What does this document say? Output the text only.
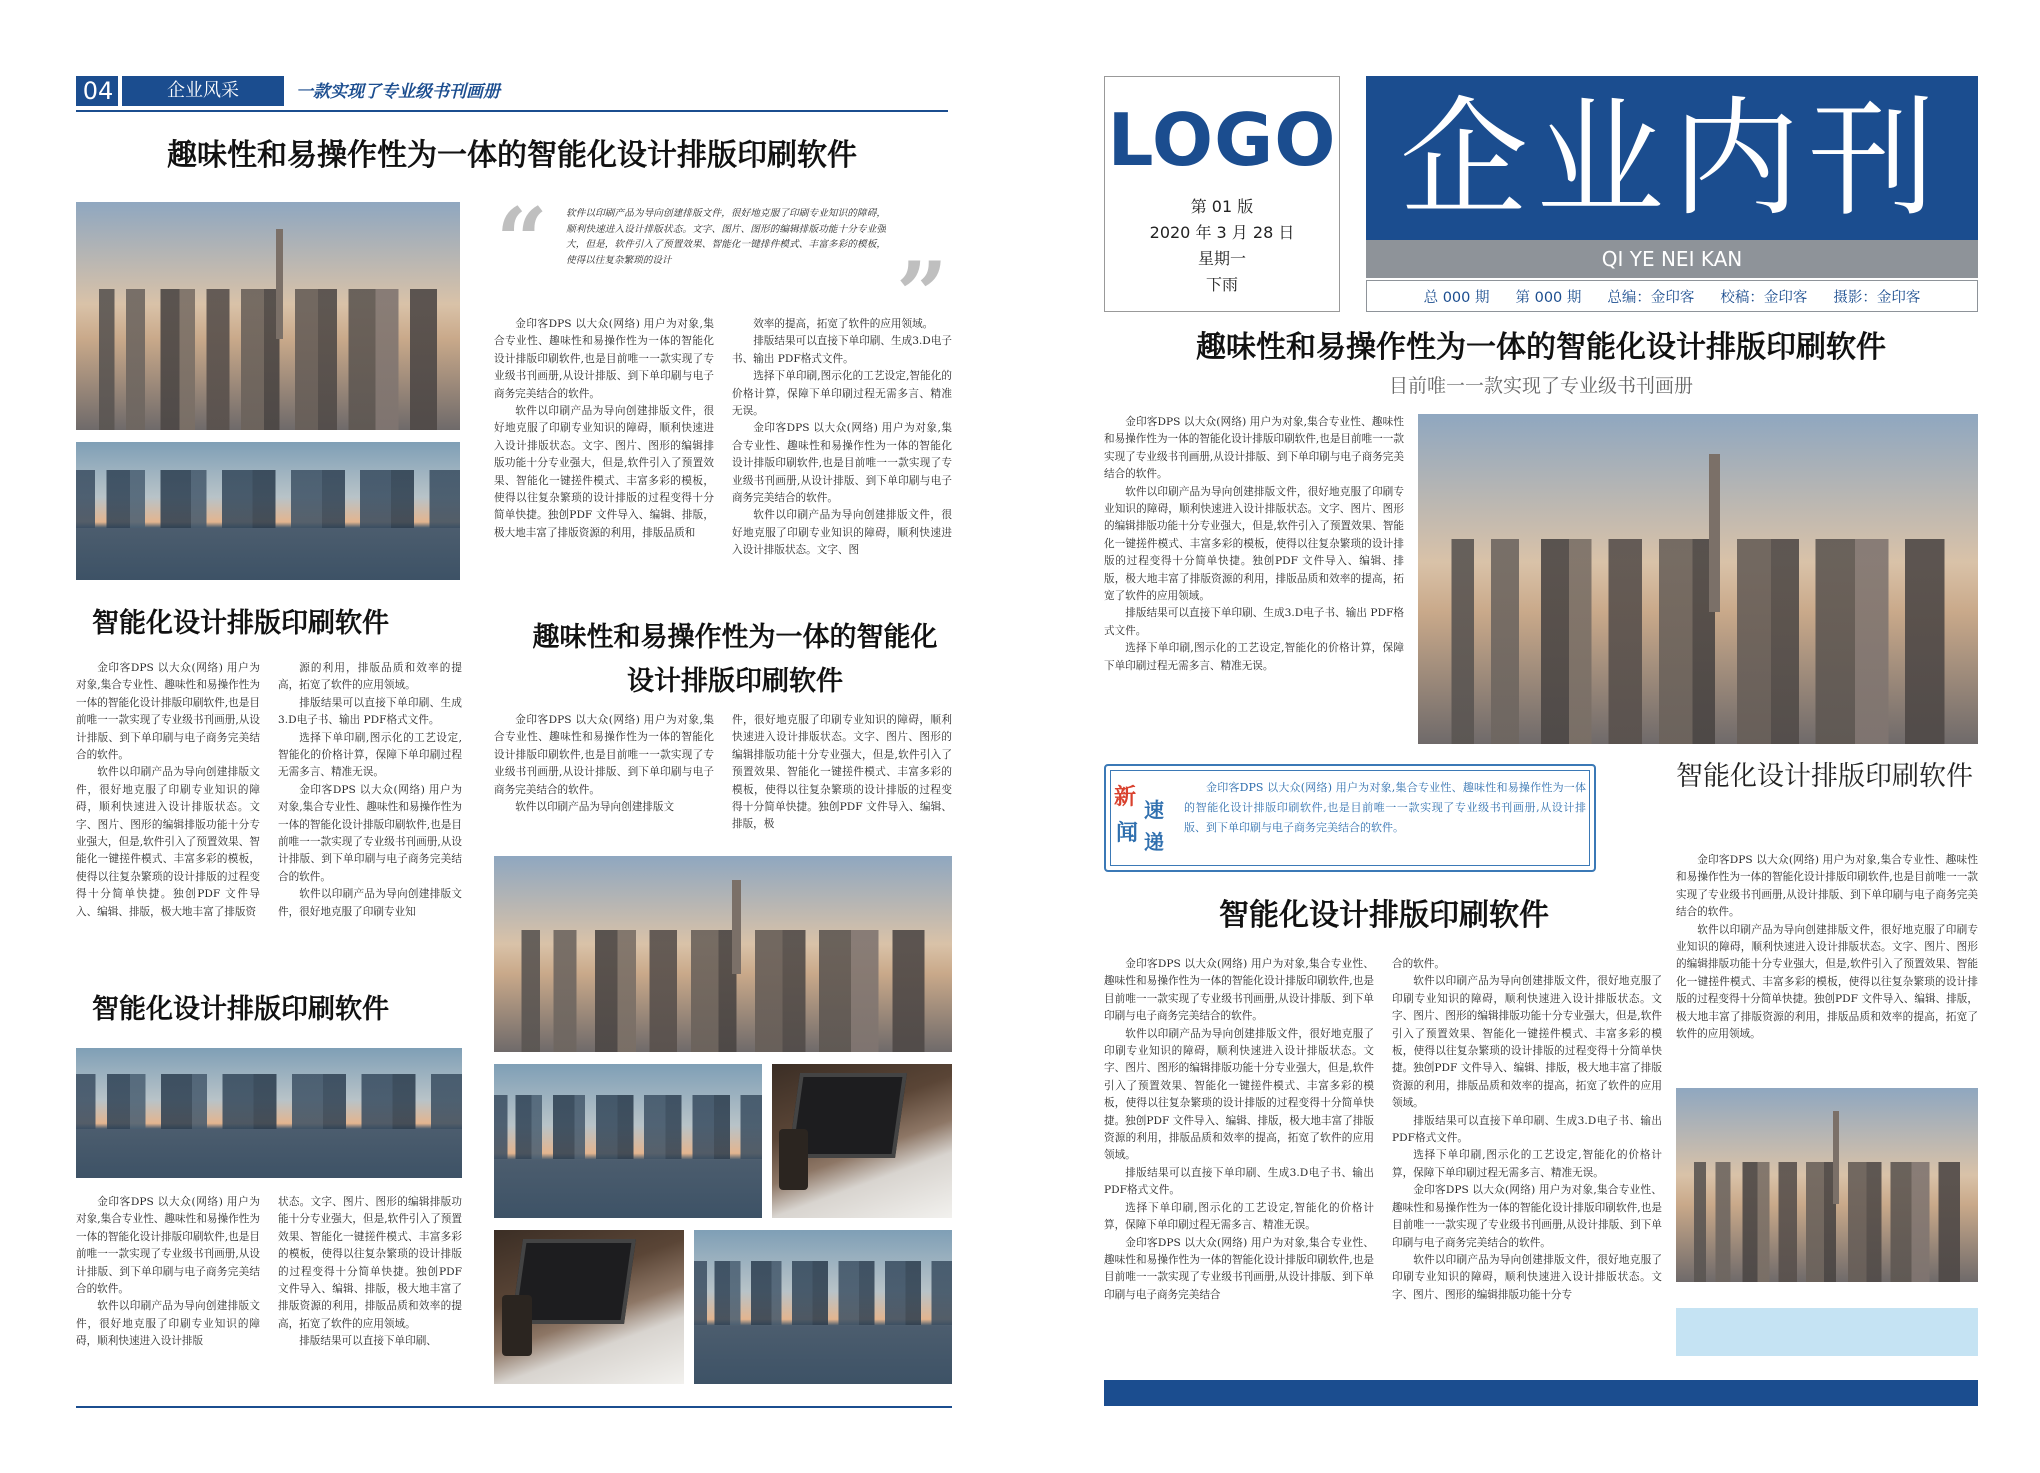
04	企业风采	一款实现了专业级书刊画册
趣味性和易操作性为一体的智能化设计排版印刷软件
“	软件以印刷产品为导向创建排版文件，很好地克服了印刷专业知识的障碍，顺利快速进入设计排版状态。文字、图片、图形的编辑排版功能十分专业强大，但是，软件引入了预置效果、智能化一键排件模式、丰富多彩的模板，使得以往复杂繁琐的设计	”

金印客DPS 以大众(网络) 用户为对象,集合专业性、趣味性和易操作性为一体的智能化设计排版印刷软件,也是目前唯一一款实现了专业级书刊画册,从设计排版、到下单印刷与电子商务完美结合的软件。

软件以印刷产品为导向创建排版文件，很好地克服了印刷专业知识的障碍，顺利快速进入设计排版状态。文字、图片、图形的编辑排版功能十分专业强大，但是,软件引入了预置效果、智能化一键搓件模式、丰富多彩的模板，使得以往复杂繁琐的设计排版的过程变得十分简单快捷。独创PDF 文件导入、编辑、排版，极大地丰富了排版资源的利用，排版品质和

效率的提高，拓宽了软件的应用领域。

排版结果可以直接下单印刷、生成3.D电子书、输出 PDF格式文件。

选择下单印刷,图示化的工艺设定,智能化的价格计算，保障下单印刷过程无需多言、精准无误。

金印客DPS 以大众(网络) 用户为对象,集合专业性、趣味性和易操作性为一体的智能化设计排版印刷软件,也是目前唯一一款实现了专业级书刊画册,从设计排版、到下单印刷与电子商务完美结合的软件。

软件以印刷产品为导向创建排版文件，很好地克服了印刷专业知识的障碍，顺利快速进入设计排版状态。文字、图

智能化设计排版印刷软件

金印客DPS 以大众(网络) 用户为对象,集合专业性、趣味性和易操作性为一体的智能化设计排版印刷软件,也是目前唯一一款实现了专业级书刊画册,从设计排版、到下单印刷与电子商务完美结合的软件。

软件以印刷产品为导向创建排版文件，很好地克服了印刷专业知识的障碍，顺利快速进入设计排版状态。文字、图片、图形的编辑排版功能十分专业强大，但是,软件引入了预置效果、智能化一键搓件模式、丰富多彩的模板，使得以往复杂繁琐的设计排版的过程变得十分简单快捷。独创PDF 文件导入、编辑、排版，极大地丰富了排版资

源的利用，排版品质和效率的提高，拓宽了软件的应用领域。

排版结果可以直接下单印刷、生成3.D电子书、输出 PDF格式文件。

选择下单印刷,图示化的工艺设定,智能化的价格计算，保障下单印刷过程无需多言、精准无误。

金印客DPS 以大众(网络) 用户为对象,集合专业性、趣味性和易操作性为一体的智能化设计排版印刷软件,也是目前唯一一款实现了专业级书刊画册,从设计排版、到下单印刷与电子商务完美结合的软件。

软件以印刷产品为导向创建排版文件，很好地克服了印刷专业知

趣味性和易操作性为一体的智能化设计排版印刷软件

金印客DPS 以大众(网络) 用户为对象,集合专业性、趣味性和易操作性为一体的智能化设计排版印刷软件,也是目前唯一一款实现了专业级书刊画册,从设计排版、到下单印刷与电子商务完美结合的软件。

软件以印刷产品为导向创建排版文

件，很好地克服了印刷专业知识的障碍，顺利快速进入设计排版状态。文字、图片、图形的编辑排版功能十分专业强大，但是,软件引入了预置效果、智能化一键搓件模式、丰富多彩的模板，使得以往复杂繁琐的设计排版的过程变得十分简单快捷。独创PDF 文件导入、编辑、排版，极

智能化设计排版印刷软件

金印客DPS 以大众(网络) 用户为对象,集合专业性、趣味性和易操作性为一体的智能化设计排版印刷软件,也是目前唯一一款实现了专业级书刊画册,从设计排版、到下单印刷与电子商务完美结合的软件。

软件以印刷产品为导向创建排版文件，很好地克服了印刷专业知识的障碍，顺利快速进入设计排版

状态。文字、图片、图形的编辑排版功能十分专业强大，但是,软件引入了预置效果、智能化一键搓件模式、丰富多彩的模板，使得以往复杂繁琐的设计排版的过程变得十分简单快捷。独创PDF 文件导入、编辑、排版，极大地丰富了排版资源的利用，排版品质和效率的提高，拓宽了软件的应用领域。

排版结果可以直接下单印刷、

LOGO
第 01 版
2020 年 3 月 28 日
星期一
下雨
企业内刊
QI YE NEI KAN
总 000 期 第 000 期 总编：金印客 校稿：金印客 摄影：金印客
趣味性和易操作性为一体的智能化设计排版印刷软件
目前唯一一款实现了专业级书刊画册

金印客DPS 以大众(网络) 用户为对象,集合专业性、趣味性和易操作性为一体的智能化设计排版印刷软件,也是目前唯一一款实现了专业级书刊画册,从设计排版、到下单印刷与电子商务完美结合的软件。

软件以印刷产品为导向创建排版文件，很好地克服了印刷专业知识的障碍，顺利快速进入设计排版状态。文字、图片、图形的编辑排版功能十分专业强大，但是,软件引入了预置效果、智能化一键搓件模式、丰富多彩的模板，使得以往复杂繁琐的设计排版的过程变得十分简单快捷。独创PDF 文件导入、编辑、排版，极大地丰富了排版资源的利用，排版品质和效率的提高，拓宽了软件的应用领域。

排版结果可以直接下单印刷、生成3.D电子书、输出 PDF格式文件。

选择下单印刷,图示化的工艺设定,智能化的价格计算，保障下单印刷过程无需多言、精准无误。

新 速
闻 递
金印客DPS 以大众(网络) 用户为对象,集合专业性、趣味性和易操作性为一体的智能化设计排版印刷软件,也是目前唯一一款实现了专业级书刊画册,从设计排版、到下单印刷与电子商务完美结合的软件。
智能化设计排版印刷软件

金印客DPS 以大众(网络) 用户为对象,集合专业性、趣味性和易操作性为一体的智能化设计排版印刷软件,也是目前唯一一款实现了专业级书刊画册,从设计排版、到下单印刷与电子商务完美结合的软件。

软件以印刷产品为导向创建排版文件，很好地克服了印刷专业知识的障碍，顺利快速进入设计排版状态。文字、图片、图形的编辑排版功能十分专业强大，但是,软件引入了预置效果、智能化一键搓件模式、丰富多彩的模板，使得以往复杂繁琐的设计排版的过程变得十分简单快捷。独创PDF 文件导入、编辑、排版，极大地丰富了排版资源的利用，排版品质和效率的提高，拓宽了软件的应用领域。

智能化设计排版印刷软件

金印客DPS 以大众(网络) 用户为对象,集合专业性、趣味性和易操作性为一体的智能化设计排版印刷软件,也是目前唯一一款实现了专业级书刊画册,从设计排版、到下单印刷与电子商务完美结合的软件。

软件以印刷产品为导向创建排版文件，很好地克服了印刷专业知识的障碍，顺利快速进入设计排版状态。文字、图片、图形的编辑排版功能十分专业强大，但是,软件引入了预置效果、智能化一键搓件模式、丰富多彩的模板，使得以往复杂繁琐的设计排版的过程变得十分简单快捷。独创PDF 文件导入、编辑、排版，极大地丰富了排版资源的利用，排版品质和效率的提高，拓宽了软件的应用领域。

排版结果可以直接下单印刷、生成3.D电子书、输出 PDF格式文件。

选择下单印刷,图示化的工艺设定,智能化的价格计算，保障下单印刷过程无需多言、精准无误。

金印客DPS 以大众(网络) 用户为对象,集合专业性、趣味性和易操作性为一体的智能化设计排版印刷软件,也是目前唯一一款实现了专业级书刊画册,从设计排版、到下单印刷与电子商务完美结合

合的软件。

软件以印刷产品为导向创建排版文件，很好地克服了印刷专业知识的障碍，顺利快速进入设计排版状态。文字、图片、图形的编辑排版功能十分专业强大，但是,软件引入了预置效果、智能化一键搓件模式、丰富多彩的模板，使得以往复杂繁琐的设计排版的过程变得十分简单快捷。独创PDF 文件导入、编辑、排版，极大地丰富了排版资源的利用，排版品质和效率的提高，拓宽了软件的应用领域。

排版结果可以直接下单印刷、生成3.D电子书、输出 PDF格式文件。

选择下单印刷,图示化的工艺设定,智能化的价格计算，保障下单印刷过程无需多言、精准无误。

金印客DPS 以大众(网络) 用户为对象,集合专业性、趣味性和易操作性为一体的智能化设计排版印刷软件,也是目前唯一一款实现了专业级书刊画册,从设计排版、到下单印刷与电子商务完美结合的软件。

软件以印刷产品为导向创建排版文件，很好地克服了印刷专业知识的障碍，顺利快速进入设计排版状态。文字、图片、图形的编辑排版功能十分专
